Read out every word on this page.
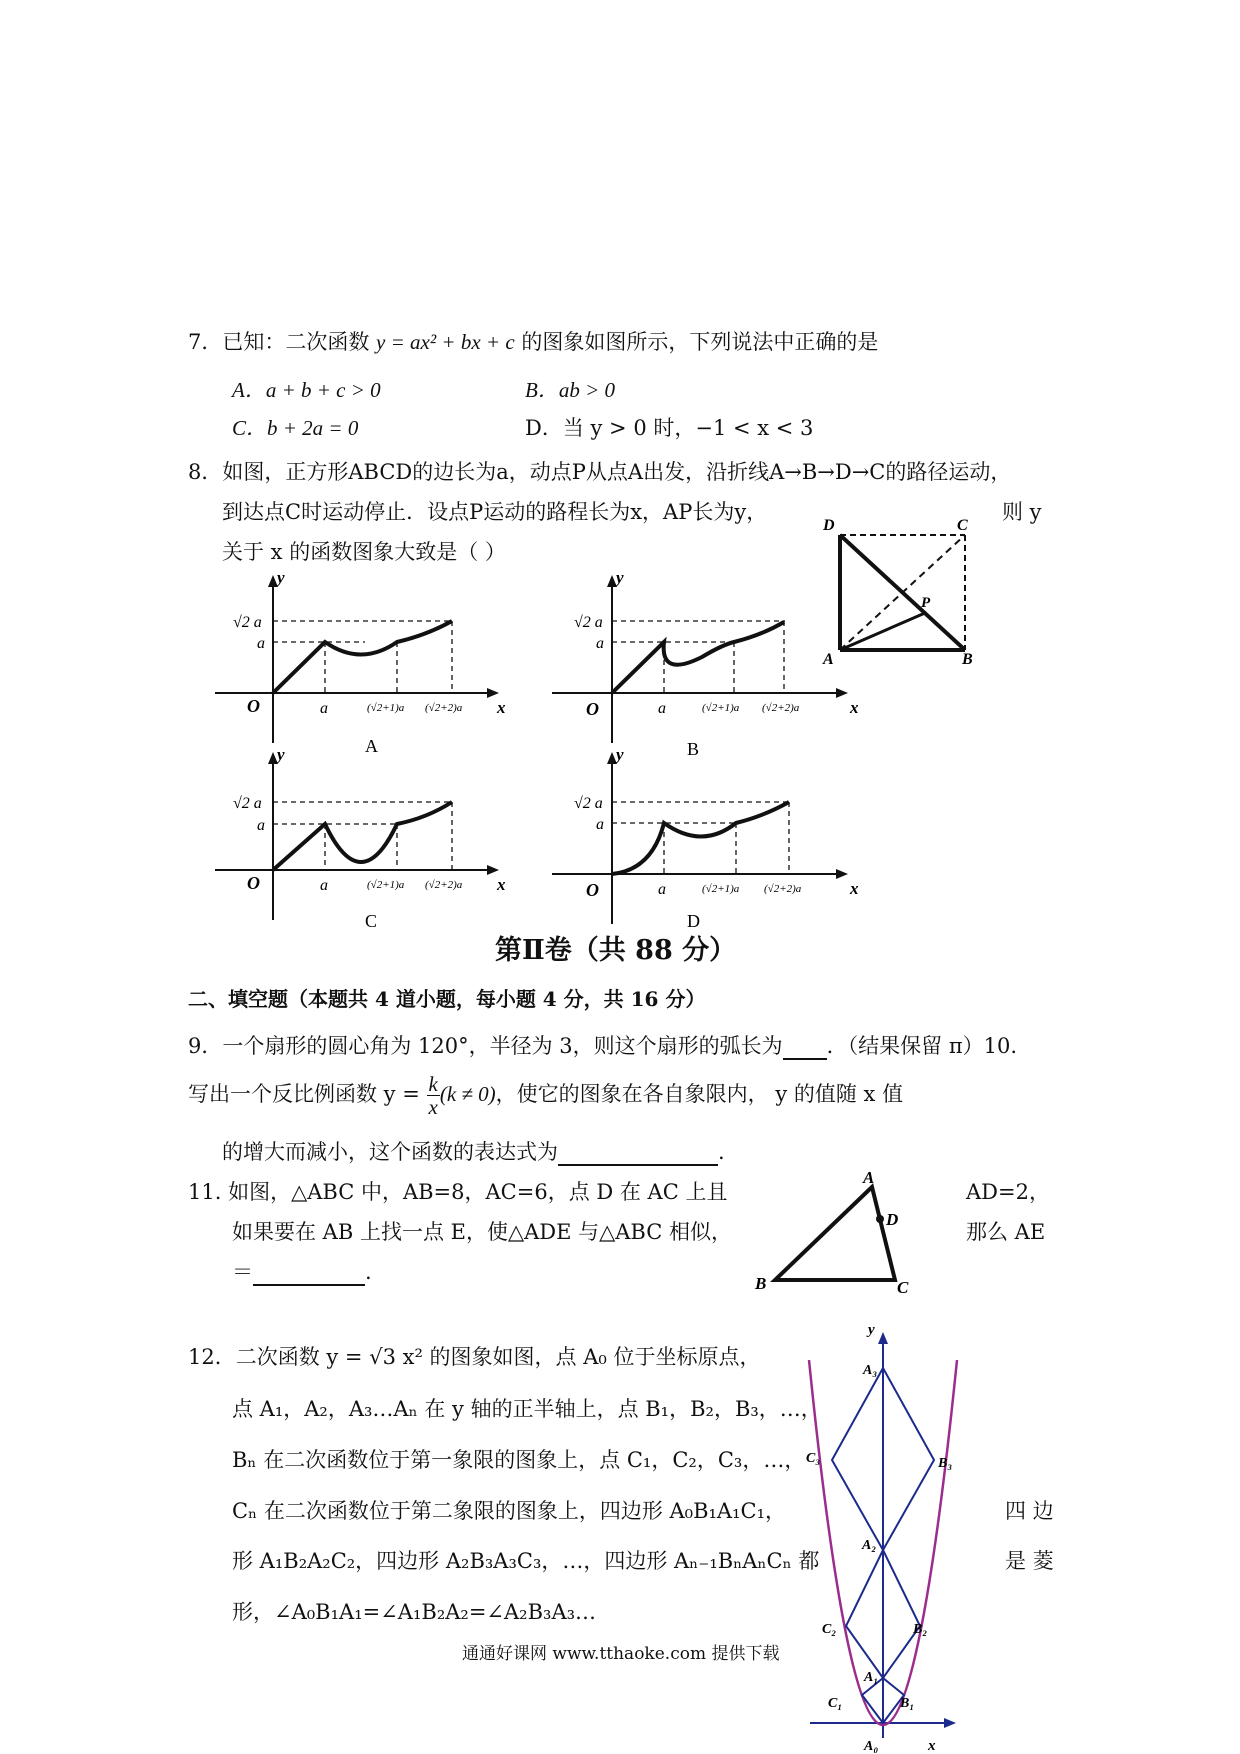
7．已知：二次函数 y = ax² + bx + c 的图象如图所示，下列说法中正确的是
A．a + b + c > 0	B．ab > 0
C．b + 2a = 0	D．当 y > 0 时，−1 < x < 3
8．如图，正方形ABCD的边长为a，动点P从点A出发，沿折线A→B→D→C的路径运动，
到达点C时运动停止．设点P运动的路程长为x，AP长为y，	则 y
关于 x 的函数图象大致是（ ）
D	C
A	B
P
y
x
O
√2 a
a
a	(√2+1)a (√2+2)a
A
y
x
O
√2 a
a
a	(√2+1)a (√2+2)a
B
y
x
O
√2 a
a
a	(√2+1)a (√2+2)a
C
y
x
O
√2 a
a
a	(√2+1)a (√2+2)a
D
第Ⅱ卷（共 88 分）
二、填空题（本题共 4 道小题，每小题 4 分，共 16 分）
9．一个扇形的圆心角为 120°，半径为 3，则这个扇形的弧长为 ．（结果保留 π）10.
写出一个反比例函数 $y = \frac{k}{x} (k \ne 0)$，使它的图象在各自象限内， y 的值随 x 值
的增大而减小，这个函数的表达式为	.
11. 如图，△ABC 中，AB=8，AC=6，点 D 在 AC 上且	AD=2，
如果要在 AB 上找一点 E，使△ADE 与△ABC 相似，	那么 AE
＝	.
A
B	C
D
12．二次函数 y = √3 x² 的图象如图，点 A₀ 位于坐标原点，
点 A₁，A₂，A₃…Aₙ 在 y 轴的正半轴上，点 B₁，B₂，B₃，…，
Bₙ 在二次函数位于第一象限的图象上，点 C₁，C₂，C₃，…，
Cₙ 在二次函数位于第二象限的图象上，四边形 A₀B₁A₁C₁，	四 边
形 A₁B₂A₂C₂，四边形 A₂B₃A₃C₃，…，四边形 Aₙ₋₁BₙAₙCₙ 都	是 菱
形，∠A₀B₁A₁=∠A₁B₂A₂=∠A₂B₃A₃…
y
x
A₀
A₁
A₂
A₃
B₁
B₂
B₃
C₁
C₂
C₃
通通好课网 www.tthaoke.com 提供下载
